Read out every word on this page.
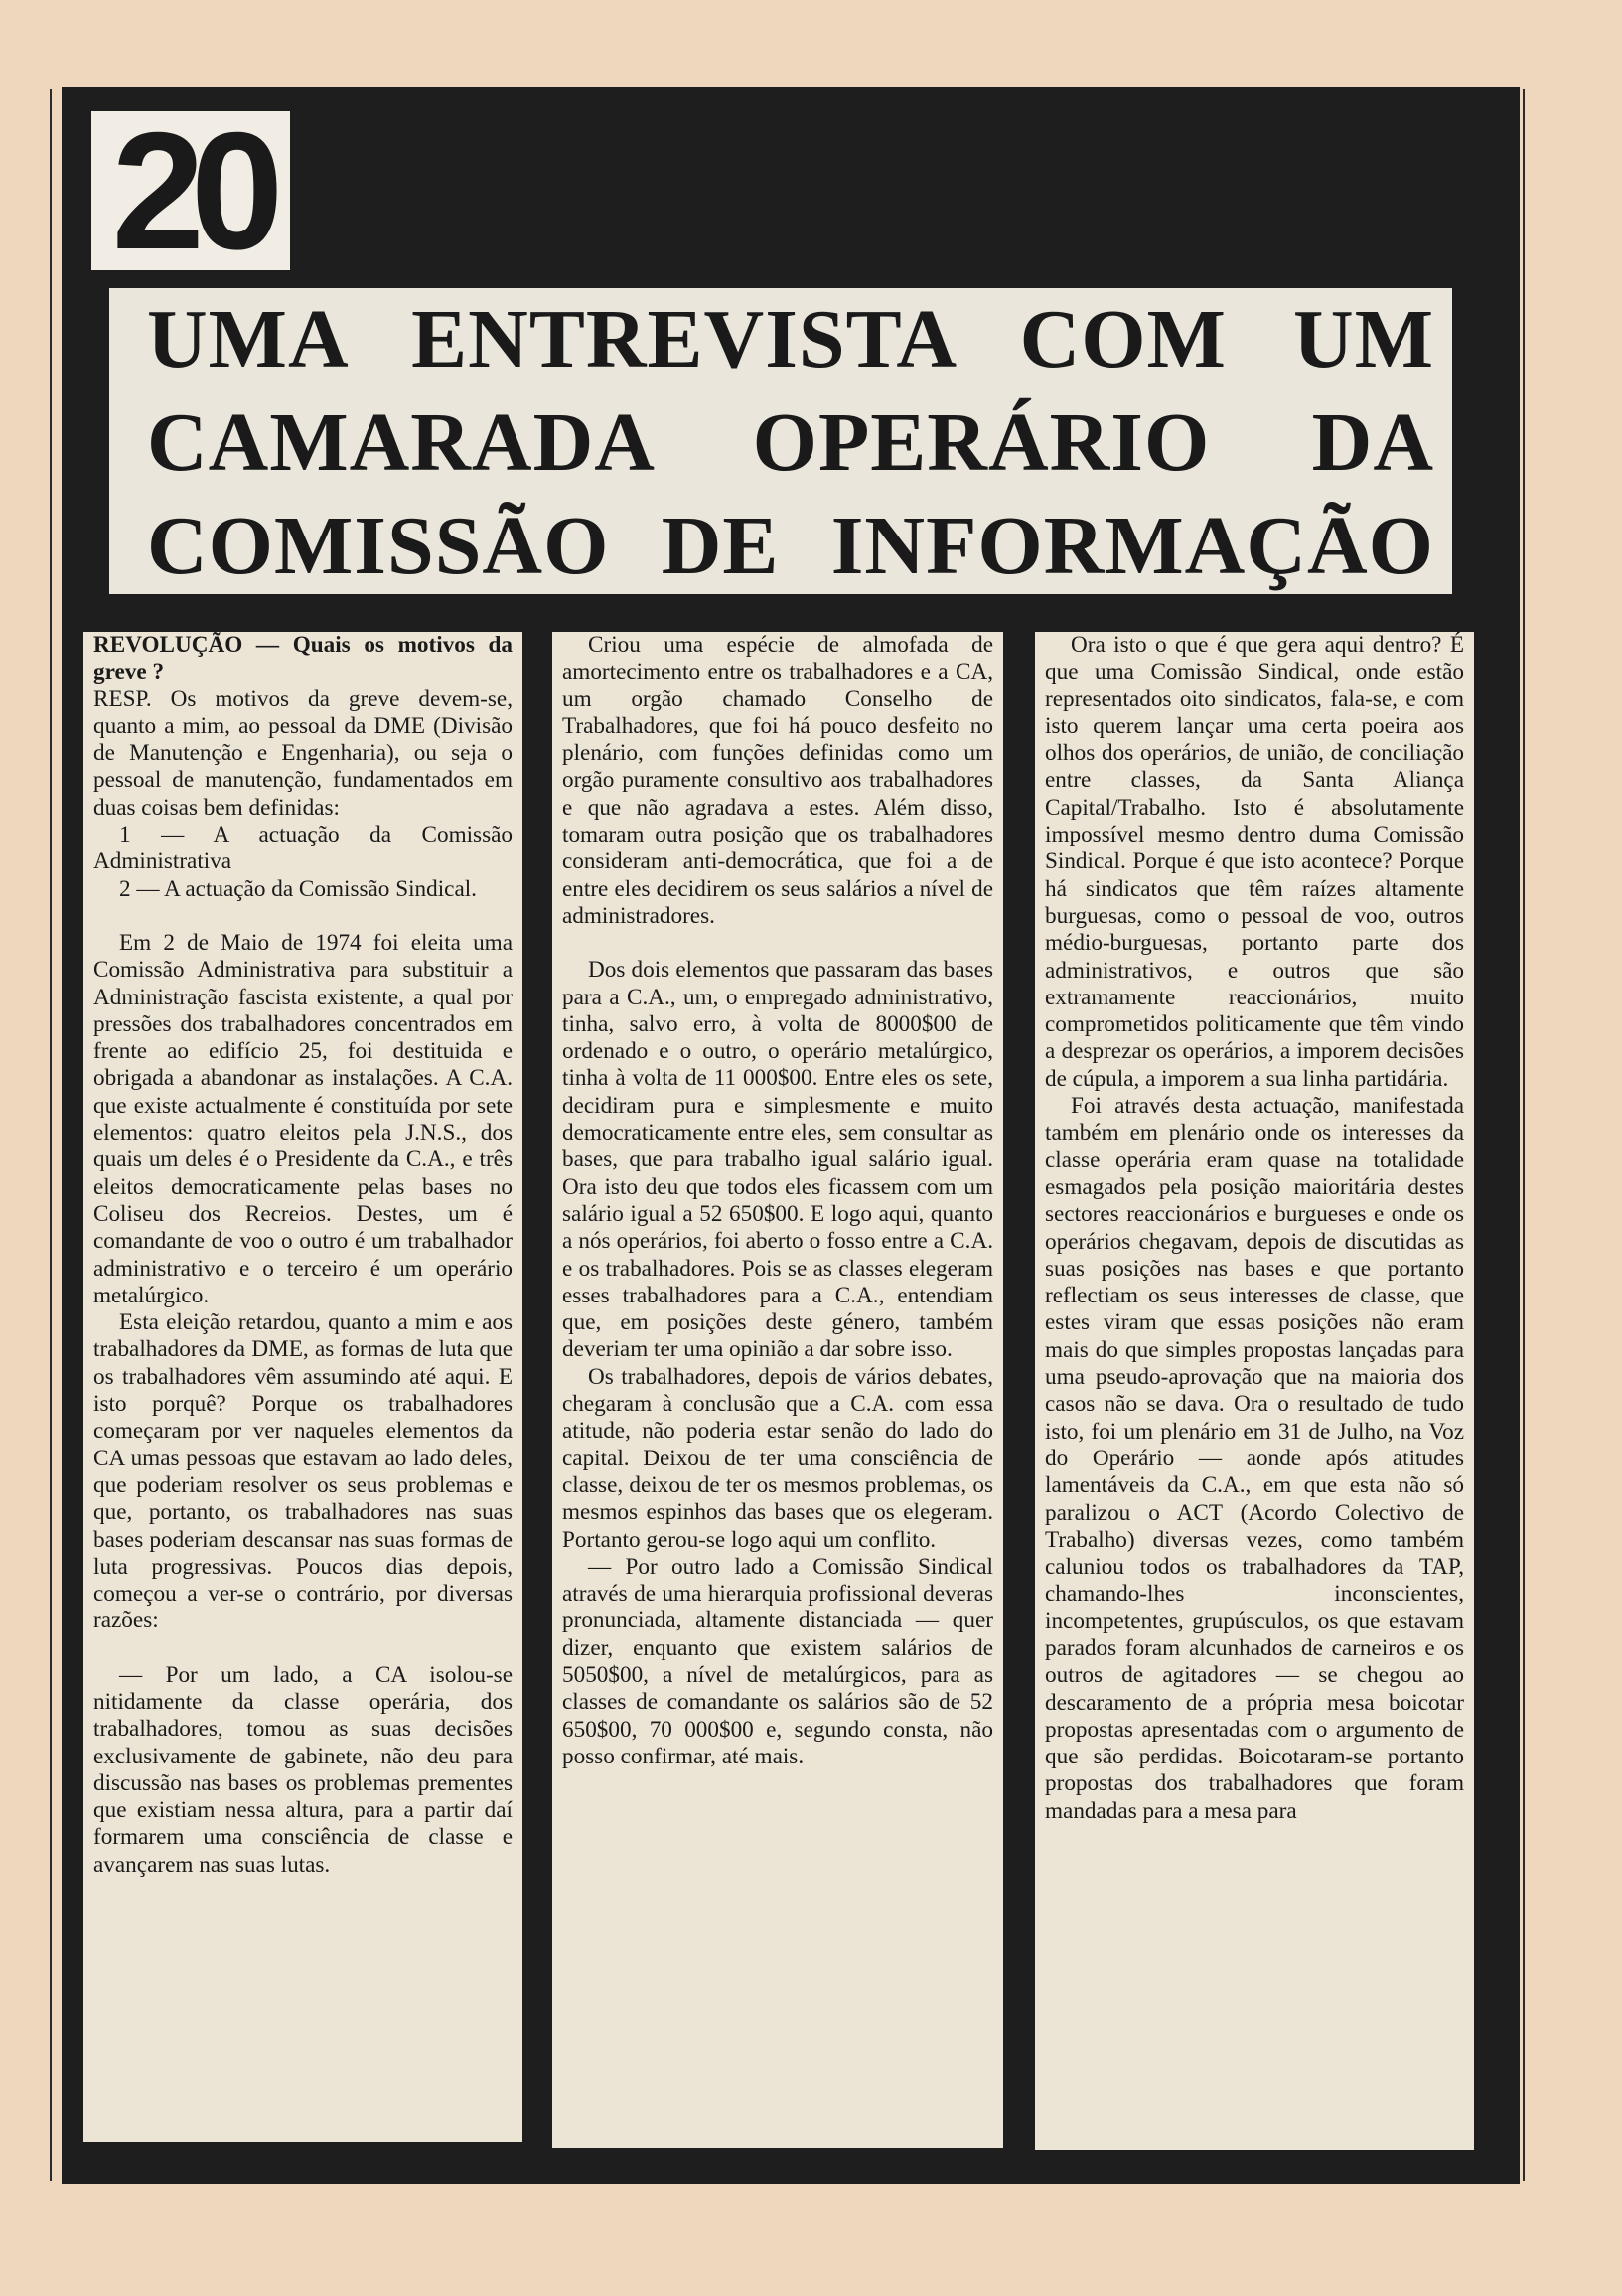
20
UMA ENTREVISTA COM UM
CAMARADA OPERÁRIO DA
COMISSÃO DE INFORMAÇÃO

REVOLUÇÃO — Quais os motivos da greve ?

RESP. Os motivos da greve devem-se, quanto a mim, ao pessoal da DME (Divisão de Manutenção e Engenharia), ou seja o pessoal de manutenção, fundamentados em duas coisas bem definidas:

1 — A actuação da Comissão Administrativa

2 — A actuação da Comissão Sindical.

Em 2 de Maio de 1974 foi eleita uma Comissão Administrativa para substituir a Administração fascista existente, a qual por pressões dos trabalhadores concentrados em frente ao edifício 25, foi destituida e obrigada a abandonar as instalações. A C.A. que existe actualmente é constituída por sete elementos: quatro eleitos pela J.N.S., dos quais um deles é o Presidente da C.A., e três eleitos democraticamente pelas bases no Coliseu dos Recreios. Destes, um é comandante de voo o outro é um trabalhador administrativo e o terceiro é um operário metalúrgico.

Esta eleição retardou, quanto a mim e aos trabalhadores da DME, as formas de luta que os trabalhadores vêm assumindo até aqui. E isto porquê? Porque os trabalhadores começaram por ver naqueles elementos da CA umas pessoas que estavam ao lado deles, que poderiam resolver os seus problemas e que, portanto, os trabalhadores nas suas bases poderiam descansar nas suas formas de luta progressivas. Poucos dias depois, começou a ver-se o contrário, por diversas razões:

— Por um lado, a CA isolou-se nitidamente da classe operária, dos trabalhadores, tomou as suas decisões exclusivamente de gabinete, não deu para discussão nas bases os problemas prementes que existiam nessa altura, para a partir daí formarem uma consciência de classe e avançarem nas suas lutas.

Criou uma espécie de almofada de amortecimento entre os trabalhadores e a CA, um orgão chamado Conselho de Trabalhadores, que foi há pouco desfeito no plenário, com funções definidas como um orgão puramente consultivo aos trabalhadores e que não agradava a estes. Além disso, tomaram outra posição que os trabalhadores consideram anti-democrática, que foi a de entre eles decidirem os seus salários a nível de administradores.

Dos dois elementos que passaram das bases para a C.A., um, o empregado administrativo, tinha, salvo erro, à volta de 8000$00 de ordenado e o outro, o operário metalúrgico, tinha à volta de 11 000$00. Entre eles os sete, decidiram pura e simplesmente e muito democraticamente entre eles, sem consultar as bases, que para trabalho igual salário igual. Ora isto deu que todos eles ficassem com um salário igual a 52 650$00. E logo aqui, quanto a nós operários, foi aberto o fosso entre a C.A. e os trabalhadores. Pois se as classes elegeram esses trabalhadores para a C.A., entendiam que, em posições deste género, também deveriam ter uma opinião a dar sobre isso.

Os trabalhadores, depois de vários debates, chegaram à conclusão que a C.A. com essa atitude, não poderia estar senão do lado do capital. Deixou de ter uma consciência de classe, deixou de ter os mesmos problemas, os mesmos espinhos das bases que os elegeram. Portanto gerou-se logo aqui um conflito.

— Por outro lado a Comissão Sindical através de uma hierarquia profissional deveras pronunciada, altamente distanciada — quer dizer, enquanto que existem salários de 5050$00, a nível de metalúrgicos, para as classes de comandante os salários são de 52 650$00, 70 000$00 e, segundo consta, não posso confirmar, até mais.

Ora isto o que é que gera aqui dentro? É que uma Comissão Sindical, onde estão representados oito sindicatos, fala-se, e com isto querem lançar uma certa poeira aos olhos dos operários, de união, de conciliação entre classes, da Santa Aliança Capital/Trabalho. Isto é absolutamente impossível mesmo dentro duma Comissão Sindical. Porque é que isto acontece? Porque há sindicatos que têm raízes altamente burguesas, como o pessoal de voo, outros médio-burguesas, portanto parte dos administrativos, e outros que são extramamente reaccionários, muito comprometidos politicamente que têm vindo a desprezar os operários, a imporem decisões de cúpula, a imporem a sua linha partidária.

Foi através desta actuação, manifestada também em plenário onde os interesses da classe operária eram quase na totalidade esmagados pela posição maioritária destes sectores reaccionários e burgueses e onde os operários chegavam, depois de discutidas as suas posições nas bases e que portanto reflectiam os seus interesses de classe, que estes viram que essas posições não eram mais do que simples propostas lançadas para uma pseudo-aprovação que na maioria dos casos não se dava. Ora o resultado de tudo isto, foi um plenário em 31 de Julho, na Voz do Operário — aonde após atitudes lamentáveis da C.A., em que esta não só paralizou o ACT (Acordo Colectivo de Trabalho) diversas vezes, como também caluniou todos os trabalhadores da TAP, chamando-lhes inconscientes, incompetentes, grupúsculos, os que estavam parados foram alcunhados de carneiros e os outros de agitadores — se chegou ao descaramento de a própria mesa boicotar propostas apresentadas com o argumento de que são perdidas. Boicotaram-se portanto propostas dos trabalhadores que foram mandadas para a mesa para
